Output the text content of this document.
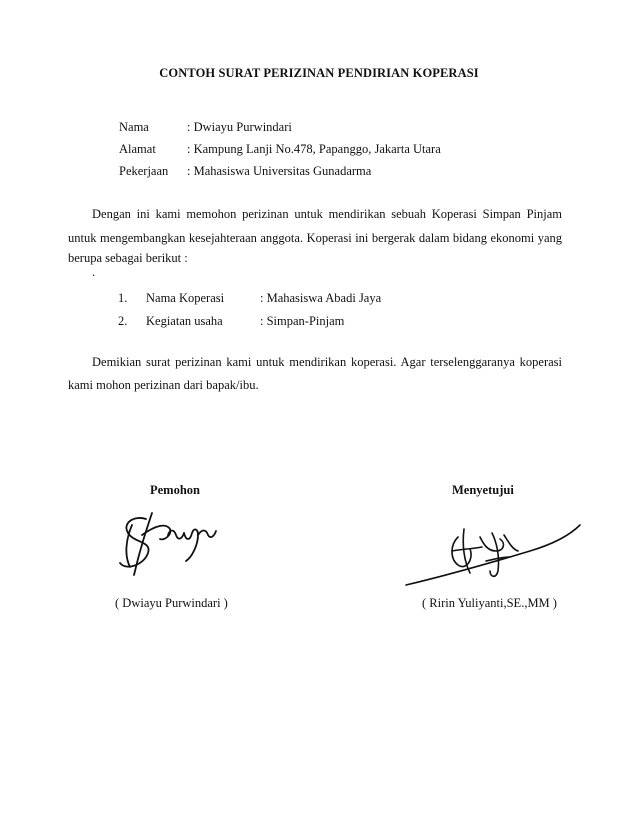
CONTOH SURAT PERIZINAN PENDIRIAN KOPERASI
Nama	: Dwiayu Purwindari
Alamat	: Kampung Lanji No.478, Papanggo, Jakarta Utara
Pekerjaan	: Mahasiswa Universitas Gunadarma
Dengan ini kami memohon perizinan untuk mendirikan sebuah Koperasi Simpan Pinjam
untuk mengembangkan kesejahteraan anggota. Koperasi ini bergerak dalam bidang ekonomi yang
berupa sebagai berikut :
.
1. Nama Koperasi	: Mahasiswa Abadi Jaya
2. Kegiatan usaha	: Simpan-Pinjam
Demikian surat perizinan kami untuk mendirikan koperasi. Agar terselenggaranya koperasi
kami mohon perizinan dari bapak/ibu.
Pemohon	Menyetujui
( Dwiayu Purwindari )	( Ririn Yuliyanti,SE.,MM )
